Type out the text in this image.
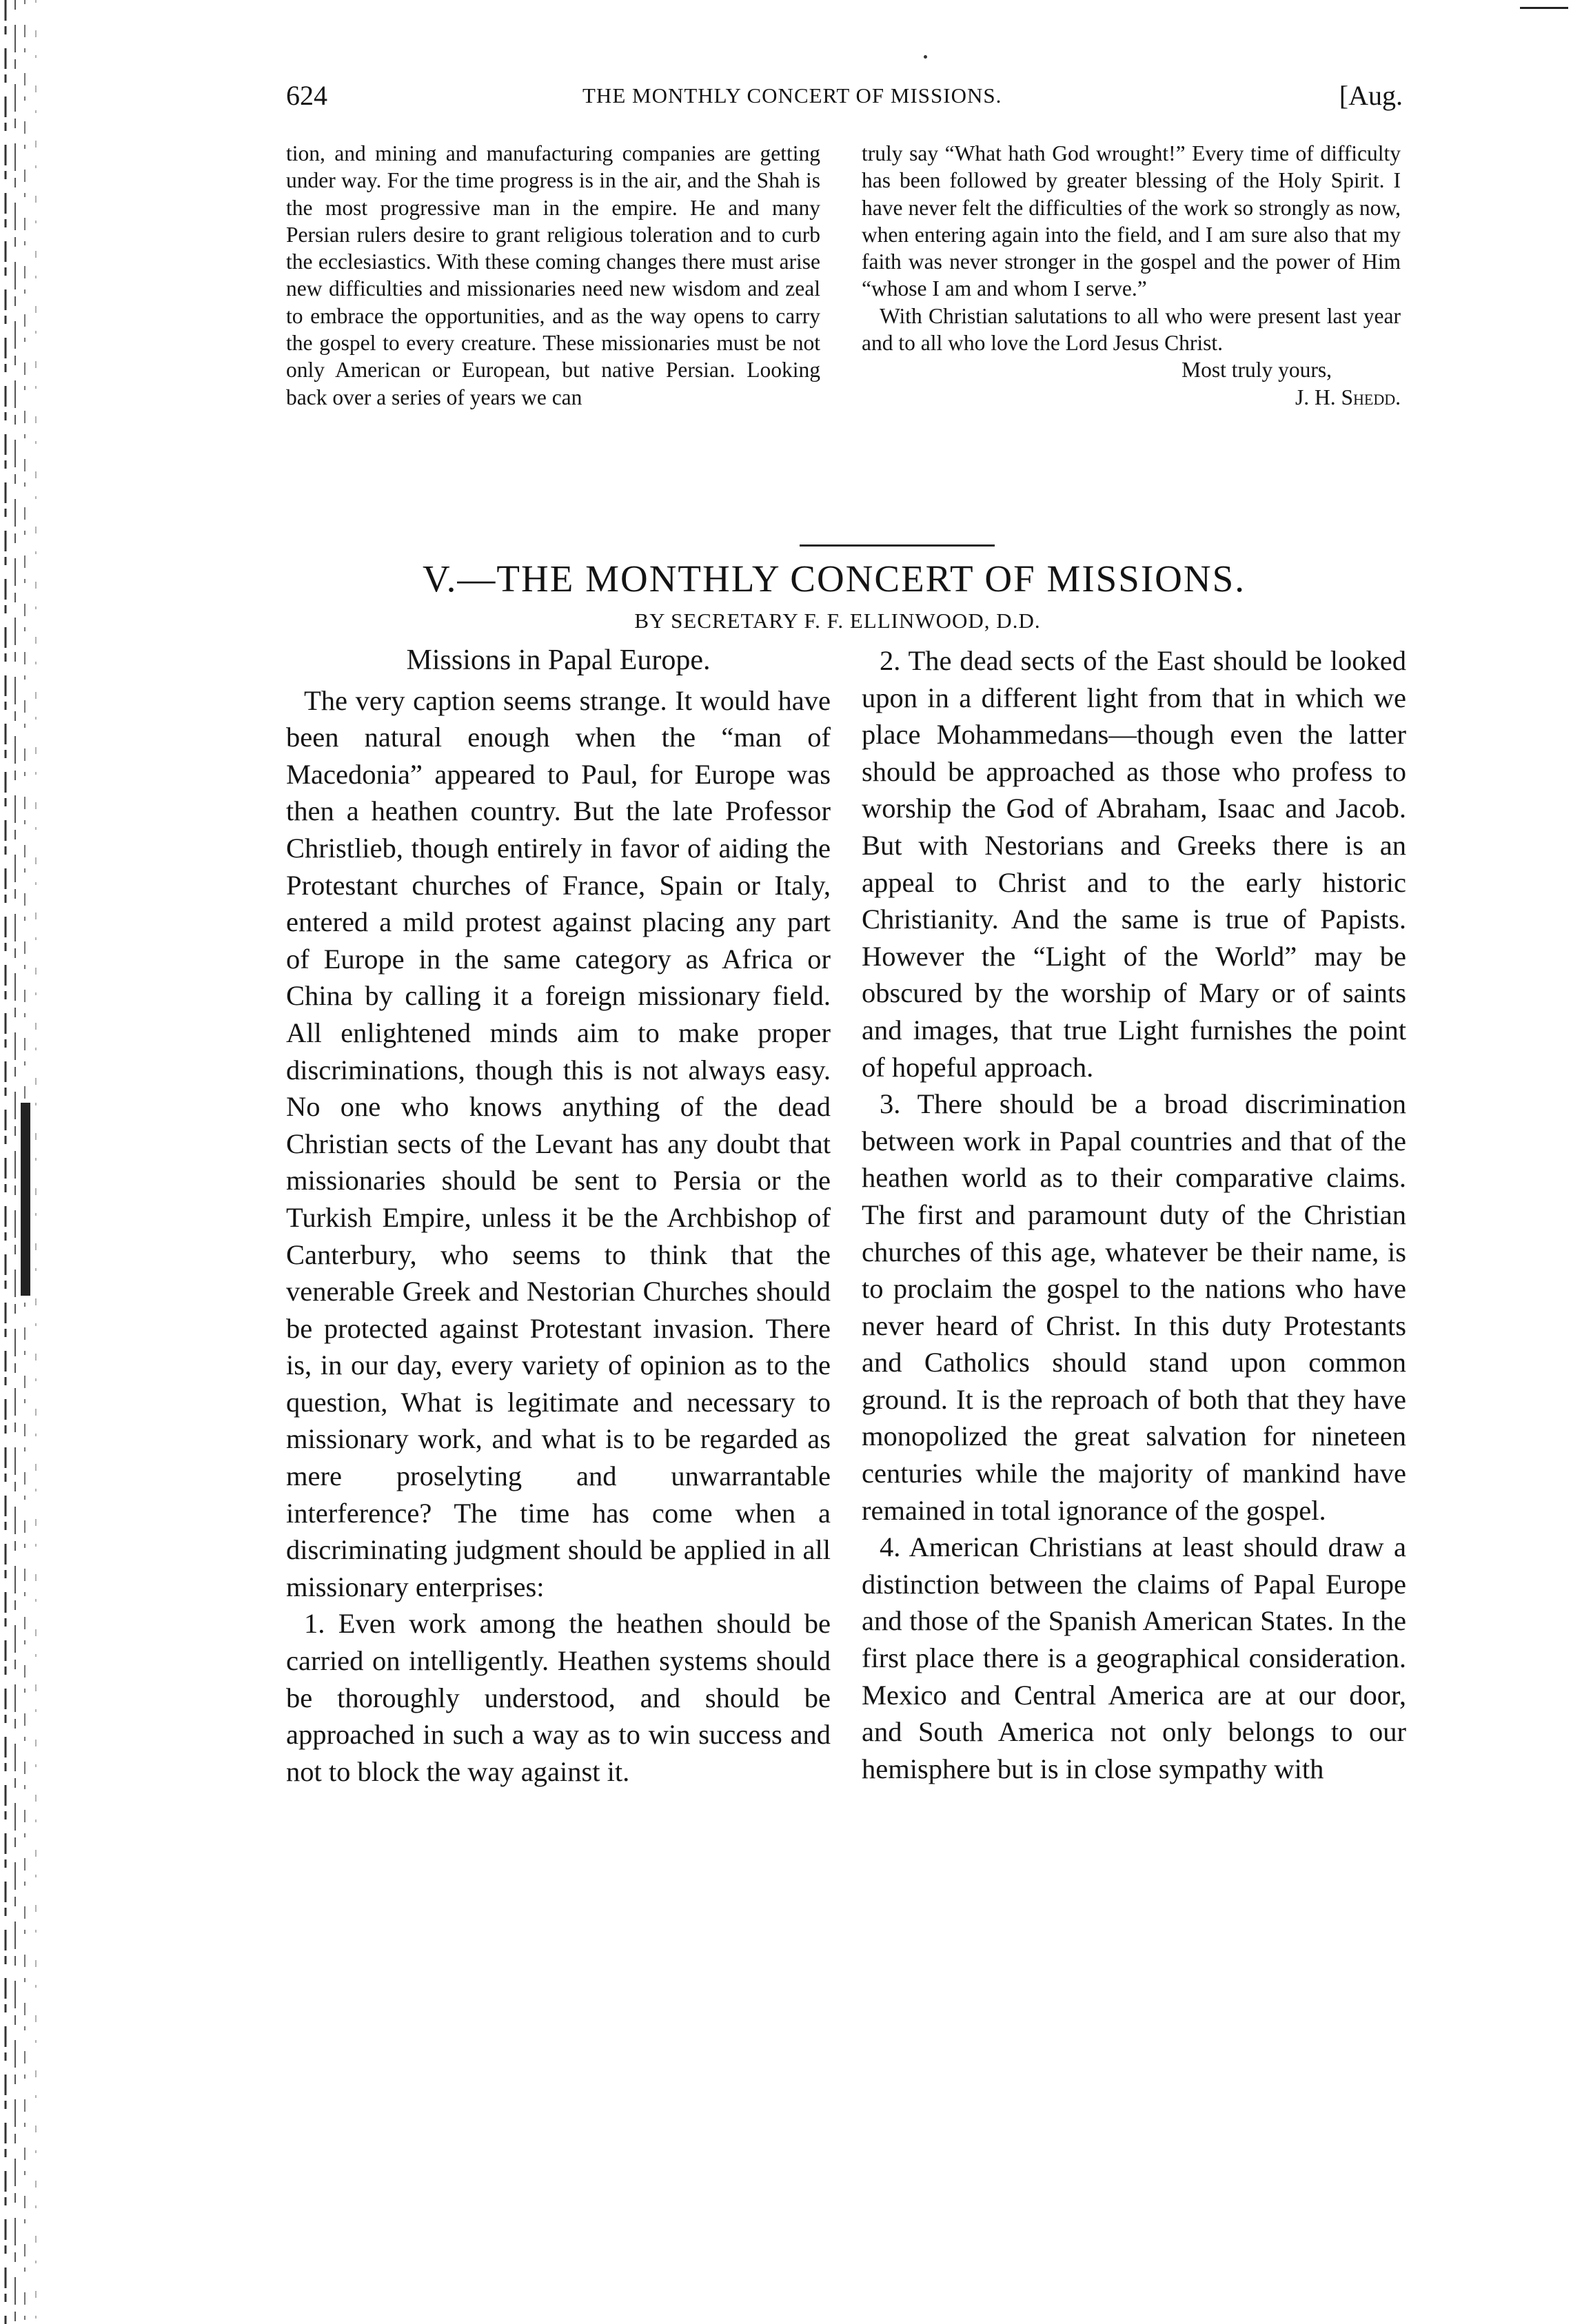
624	THE MONTHLY CONCERT OF MISSIONS.	[Aug.

tion, and mining and manufacturing companies are getting under way. For the time progress is in the air, and the Shah is the most progressive man in the empire. He and many Persian rulers desire to grant religious toleration and to curb the ecclesiastics. With these coming changes there must arise new difficulties and missionaries need new wisdom and zeal to embrace the opportunities, and as the way opens to carry the gospel to every creature. These missionaries must be not only American or European, but native Persian. Looking back over a series of years we can

truly say “What hath God wrought!” Every time of difficulty has been followed by greater blessing of the Holy Spirit. I have never felt the difficulties of the work so strongly as now, when entering again into the field, and I am sure also that my faith was never stronger in the gospel and the power of Him “whose I am and whom I serve.”

With Christian salutations to all who were present last year and to all who love the Lord Jesus Christ.

Most truly yours,

J. H. Shedd.

V.—THE MONTHLY CONCERT OF MISSIONS.
BY SECRETARY F. F. ELLINWOOD, D.D.

Missions in Papal Europe.

The very caption seems strange. It would have been natural enough when the “man of Macedonia” appeared to Paul, for Europe was then a heathen country. But the late Professor Christlieb, though entirely in favor of aiding the Protestant churches of France, Spain or Italy, entered a mild protest against placing any part of Europe in the same category as Africa or China by calling it a foreign missionary field. All enlightened minds aim to make proper discriminations, though this is not always easy. No one who knows anything of the dead Christian sects of the Levant has any doubt that missionaries should be sent to Persia or the Turkish Empire, unless it be the Archbishop of Canterbury, who seems to think that the venerable Greek and Nestorian Churches should be protected against Protestant invasion. There is, in our day, every variety of opinion as to the question, What is legitimate and necessary to missionary work, and what is to be regarded as mere proselyting and unwarrantable interference? The time has come when a discriminating judgment should be applied in all missionary enterprises:

1. Even work among the heathen should be carried on intelligently. Heathen systems should be thoroughly understood, and should be approached in such a way as to win success and not to block the way against it.

2. The dead sects of the East should be looked upon in a different light from that in which we place Mohammedans—though even the latter should be approached as those who profess to worship the God of Abraham, Isaac and Jacob. But with Nestorians and Greeks there is an appeal to Christ and to the early historic Christianity. And the same is true of Papists. However the “Light of the World” may be obscured by the worship of Mary or of saints and images, that true Light furnishes the point of hopeful approach.

3. There should be a broad discrimination between work in Papal countries and that of the heathen world as to their comparative claims. The first and paramount duty of the Christian churches of this age, whatever be their name, is to proclaim the gospel to the nations who have never heard of Christ. In this duty Protestants and Catholics should stand upon common ground. It is the reproach of both that they have monopolized the great salvation for nineteen centuries while the majority of mankind have remained in total ignorance of the gospel.

4. American Christians at least should draw a distinction between the claims of Papal Europe and those of the Spanish American States. In the first place there is a geographical consideration. Mexico and Central America are at our door, and South America not only belongs to our hemisphere but is in close sympathy with
